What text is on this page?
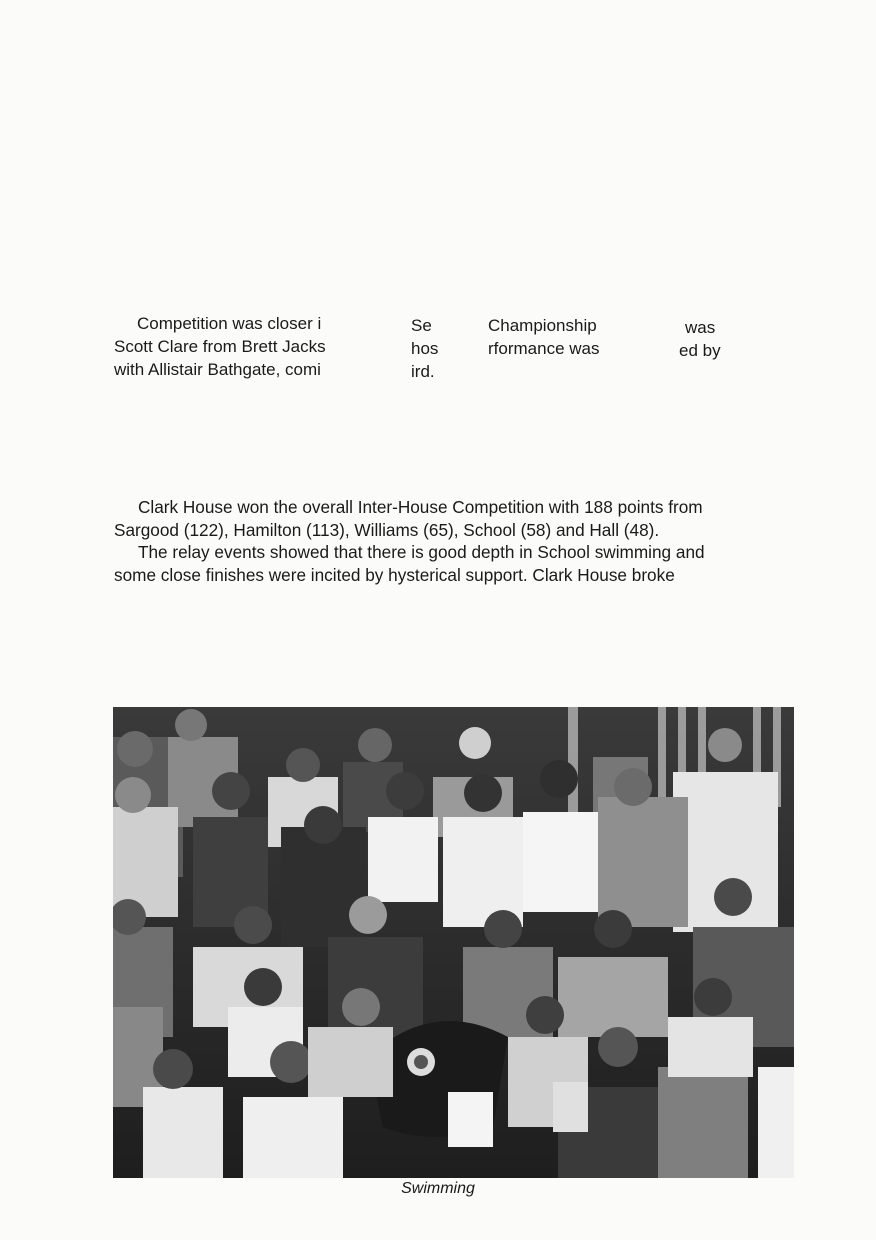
Competition was closer i
Scott Clare from Brett Jacks
with Allistair Bathgate, comi
Se
hos
ird.
Championship
rformance was
was
ed by
Clark House won the overall Inter-House Competition with 188 points from
Sargood (122), Hamilton (113), Williams (65), School (58) and Hall (48).
The relay events showed that there is good depth in School swimming and
some close finishes were incited by hysterical support. Clark House broke
Swimming
